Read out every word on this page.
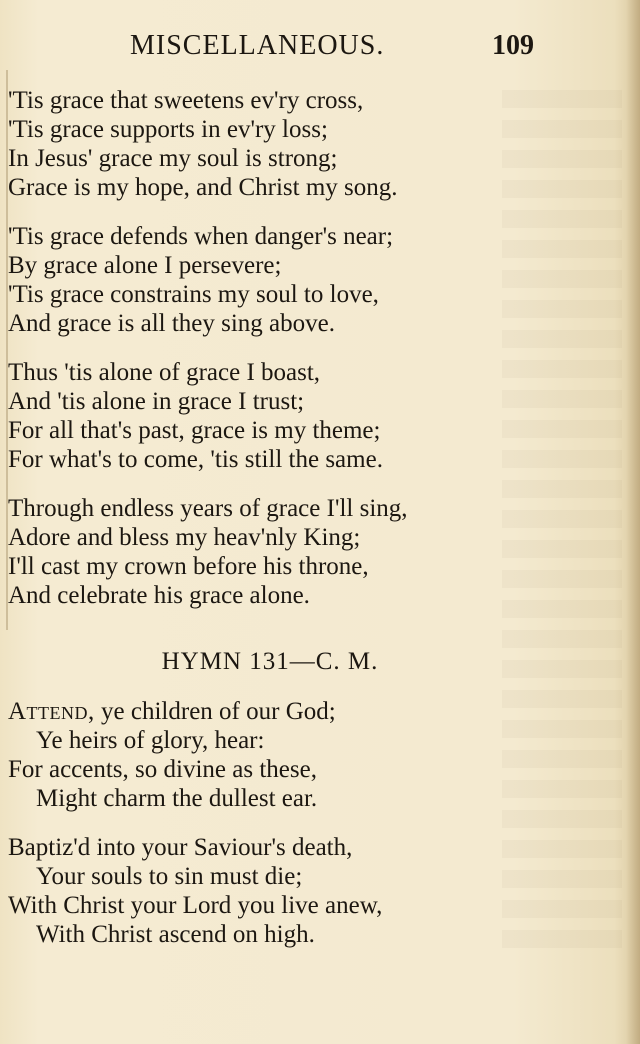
MISCELLANEOUS.	109
'Tis grace that sweetens ev'ry cross,
'Tis grace supports in ev'ry loss;
In Jesus' grace my soul is strong;
Grace is my hope, and Christ my song.
'Tis grace defends when danger's near;
By grace alone I persevere;
'Tis grace constrains my soul to love,
And grace is all they sing above.
Thus 'tis alone of grace I boast,
And 'tis alone in grace I trust;
For all that's past, grace is my theme;
For what's to come, 'tis still the same.
Through endless years of grace I'll sing,
Adore and bless my heav'nly King;
I'll cast my crown before his throne,
And celebrate his grace alone.
HYMN 131—C. M.
Attend, ye children of our God;
Ye heirs of glory, hear:
For accents, so divine as these,
Might charm the dullest ear.
Baptiz'd into your Saviour's death,
Your souls to sin must die;
With Christ your Lord you live anew,
With Christ ascend on high.
